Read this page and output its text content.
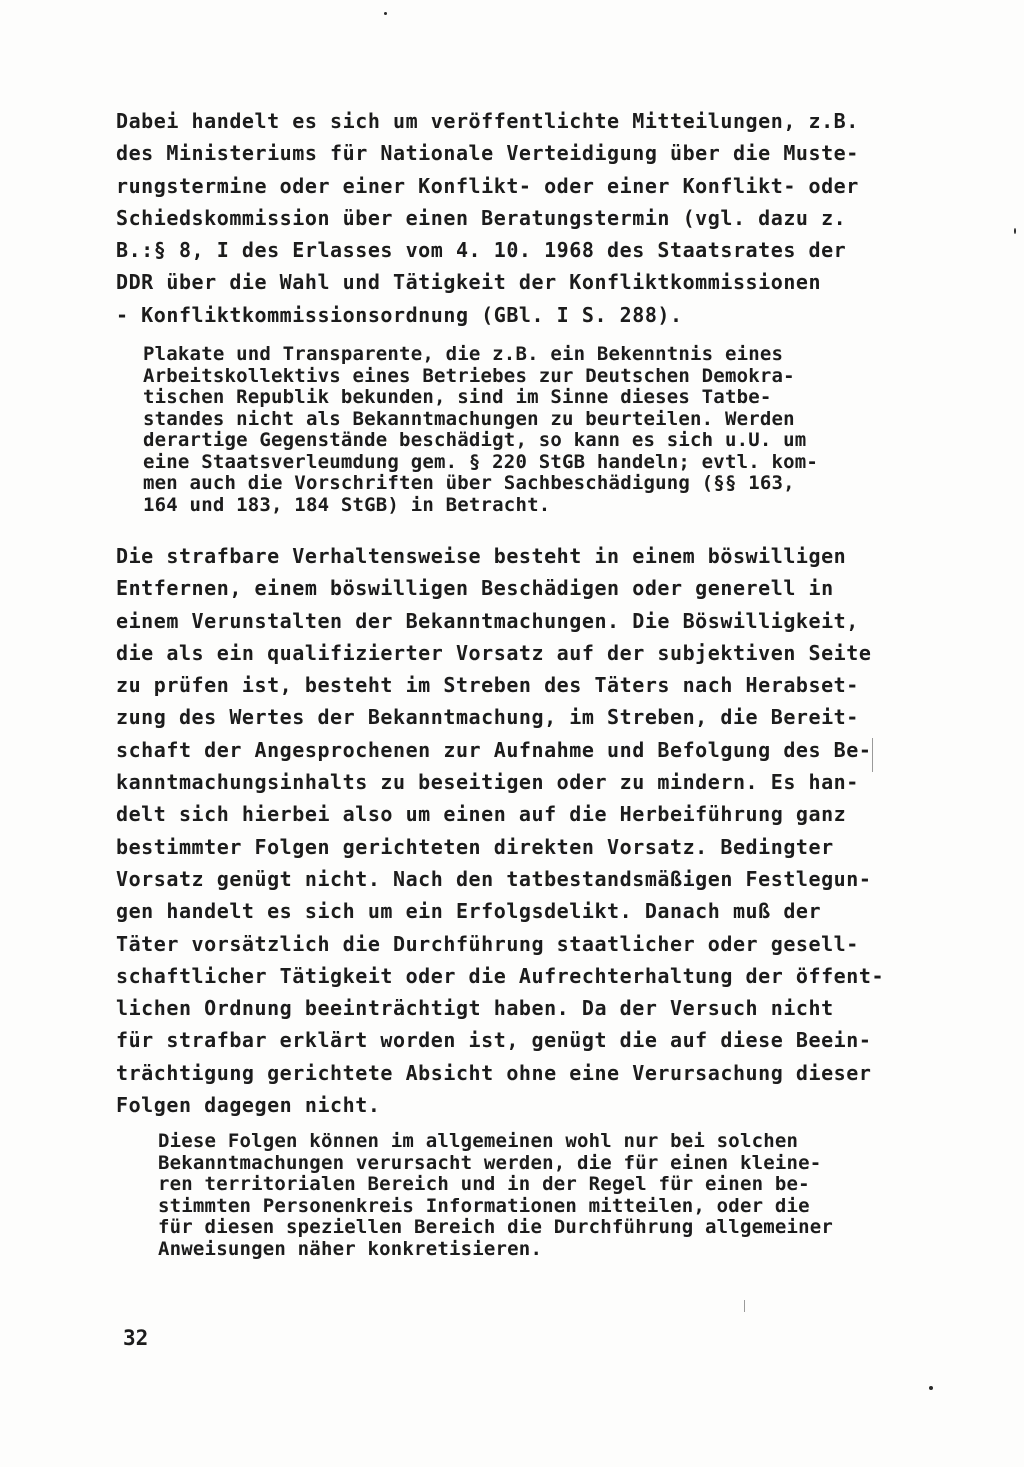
Dabei handelt es sich um veröffentlichte Mitteilungen, z.B.
des Ministeriums für Nationale Verteidigung über die Muste-
rungstermine oder einer Konflikt- oder einer Konflikt- oder
Schiedskommission über einen Beratungstermin (vgl. dazu z.
B.:§ 8, I des Erlasses vom 4. 10. 1968 des Staatsrates der
DDR über die Wahl und Tätigkeit der Konfliktkommissionen
- Konfliktkommissionsordnung (GBl. I S. 288).
Plakate und Transparente, die z.B. ein Bekenntnis eines
Arbeitskollektivs eines Betriebes zur Deutschen Demokra-
tischen Republik bekunden, sind im Sinne dieses Tatbe-
standes nicht als Bekanntmachungen zu beurteilen. Werden
derartige Gegenstände beschädigt, so kann es sich u.U. um
eine Staatsverleumdung gem. § 220 StGB handeln; evtl. kom-
men auch die Vorschriften über Sachbeschädigung (§§ 163,
164 und 183, 184 StGB) in Betracht.
Die strafbare Verhaltensweise besteht in einem böswilligen
Entfernen, einem böswilligen Beschädigen oder generell in
einem Verunstalten der Bekanntmachungen. Die Böswilligkeit,
die als ein qualifizierter Vorsatz auf der subjektiven Seite
zu prüfen ist, besteht im Streben des Täters nach Herabset-
zung des Wertes der Bekanntmachung, im Streben, die Bereit-
schaft der Angesprochenen zur Aufnahme und Befolgung des Be-
kanntmachungsinhalts zu beseitigen oder zu mindern. Es han-
delt sich hierbei also um einen auf die Herbeiführung ganz
bestimmter Folgen gerichteten direkten Vorsatz. Bedingter
Vorsatz genügt nicht. Nach den tatbestandsmäßigen Festlegun-
gen handelt es sich um ein Erfolgsdelikt. Danach muß der
Täter vorsätzlich die Durchführung staatlicher oder gesell-
schaftlicher Tätigkeit oder die Aufrechterhaltung der öffent-
lichen Ordnung beeinträchtigt haben. Da der Versuch nicht
für strafbar erklärt worden ist, genügt die auf diese Beein-
trächtigung gerichtete Absicht ohne eine Verursachung dieser
Folgen dagegen nicht.
Diese Folgen können im allgemeinen wohl nur bei solchen
Bekanntmachungen verursacht werden, die für einen kleine-
ren territorialen Bereich und in der Regel für einen be-
stimmten Personenkreis Informationen mitteilen, oder die
für diesen speziellen Bereich die Durchführung allgemeiner
Anweisungen näher konkretisieren.
32
